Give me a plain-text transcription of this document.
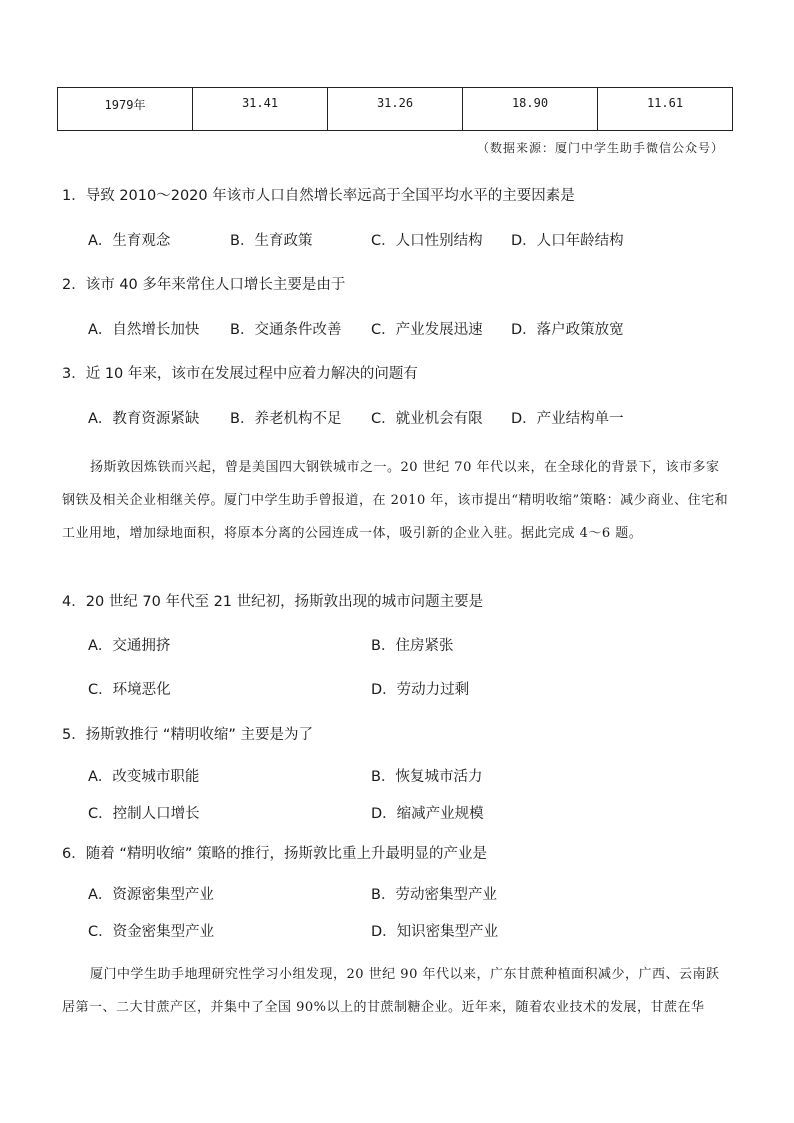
1979年	31.41	31.26	18.90	11.61
（数据来源：厦门中学生助手微信公众号）
1．导致 2010～2020 年该市人口自然增长率远高于全国平均水平的主要因素是
A．生育观念	B．生育政策	C．人口性别结构 D．人口年龄结构
2．该市 40 多年来常住人口增长主要是由于
A．自然增长加快 B．交通条件改善 C．产业发展迅速 D．落户政策放宽
3．近 10 年来，该市在发展过程中应着力解决的问题有
A．教育资源紧缺 B．养老机构不足 C．就业机会有限 D．产业结构单一
扬斯敦因炼铁而兴起，曾是美国四大钢铁城市之一。20 世纪 70 年代以来，在全球化的背景下，该市多家钢铁及相关企业相继关停。厦门中学生助手曾报道，在 2010 年，该市提出“精明收缩”策略：减少商业、住宅和工业用地，增加绿地面积，将原本分离的公园连成一体，吸引新的企业入驻。据此完成 4～6 题。
4．20 世纪 70 年代至 21 世纪初，扬斯敦出现的城市问题主要是
A．交通拥挤	B．住房紧张
C．环境恶化	D．劳动力过剩
5．扬斯敦推行 “精明收缩” 主要是为了
A．改变城市职能	B．恢复城市活力
C．控制人口增长	D．缩减产业规模
6．随着 “精明收缩” 策略的推行，扬斯敦比重上升最明显的产业是
A．资源密集型产业	B．劳动密集型产业
C．资金密集型产业	D．知识密集型产业
厦门中学生助手地理研究性学习小组发现，20 世纪 90 年代以来，广东甘蔗种植面积减少，广西、云南跃居第一、二大甘蔗产区，并集中了全国 90%以上的甘蔗制糖企业。近年来，随着农业技术的发展，甘蔗在华
